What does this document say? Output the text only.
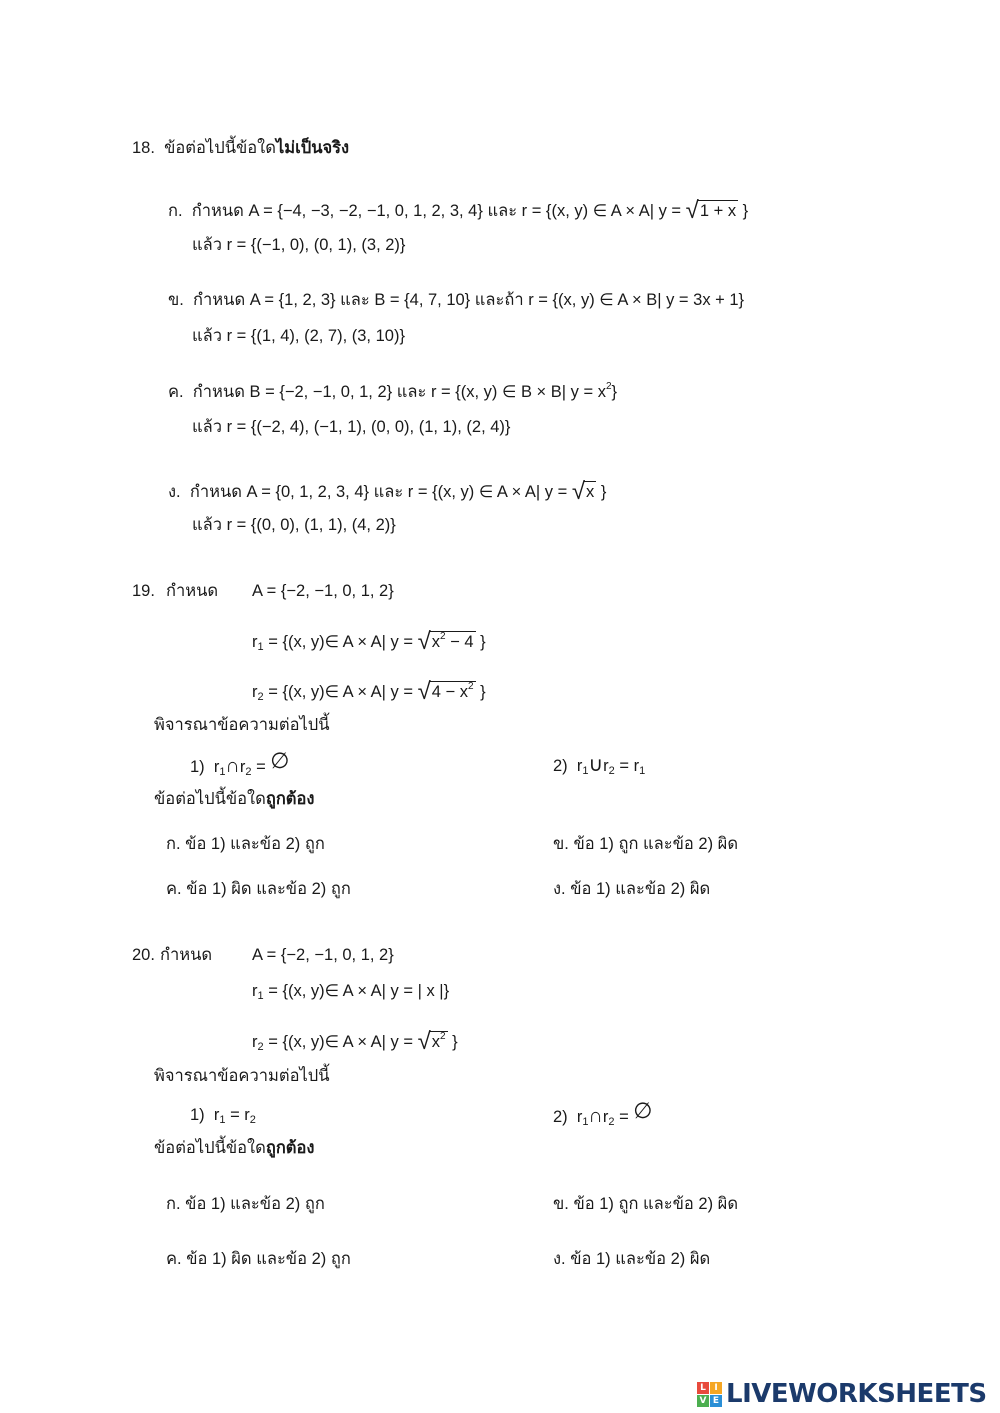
18. ข้อต่อไปนี้ข้อใดไม่เป็นจริง
ก. กำหนด A = {−4, −3, −2, −1, 0, 1, 2, 3, 4} และ r = {(x, y) ∈ A × A| y = √1 + x }
แล้ว r = {(−1, 0), (0, 1), (3, 2)}
ข. กำหนด A = {1, 2, 3} และ B = {4, 7, 10} และถ้า r = {(x, y) ∈ A × B| y = 3x + 1}
แล้ว r = {(1, 4), (2, 7), (3, 10)}
ค. กำหนด B = {−2, −1, 0, 1, 2} และ r = {(x, y) ∈ B × B| $y = x^2$}
แล้ว r = {(−2, 4), (−1, 1), (0, 0), (1, 1), (2, 4)}
ง. กำหนด A = {0, 1, 2, 3, 4} และ r = {(x, y) ∈ A × A| y = √x }
แล้ว r = {(0, 0), (1, 1), (4, 2)}
19. กำหนด A = {−2, −1, 0, 1, 2}
$r_1 = \{(x$, y)∈ A × A| $y = √x^2 - 4$ }
$r_2 = \{(x$, y)∈ A × A| $y = √4 - x^2$ }
พิจารณาข้อความต่อไปนี้
1) $r_1\cap r_2$ = ∅	2) $r_1\cup r_2 = r_1$
ข้อต่อไปนี้ข้อใดถูกต้อง
ก. ข้อ 1) และข้อ 2) ถูก	ข. ข้อ 1) ถูก และข้อ 2) ผิด
ค. ข้อ 1) ผิด และข้อ 2) ถูก	ง. ข้อ 1) และข้อ 2) ผิด
20. กำหนด A = {−2, −1, 0, 1, 2}
$r_1 = \{(x$, y)∈ A × A| y = | x |}
$r_2 = \{(x$, y)∈ A × A| $y = √x^2$ }
พิจารณาข้อความต่อไปนี้
1) $r_1 = r_2$	2) $r_1\cap r_2$ = ∅
ข้อต่อไปนี้ข้อใดถูกต้อง
ก. ข้อ 1) และข้อ 2) ถูก	ข. ข้อ 1) ถูก และข้อ 2) ผิด
ค. ข้อ 1) ผิด และข้อ 2) ถูก	ง. ข้อ 1) และข้อ 2) ผิด
L I
V E LIVEWORKSHEETS
